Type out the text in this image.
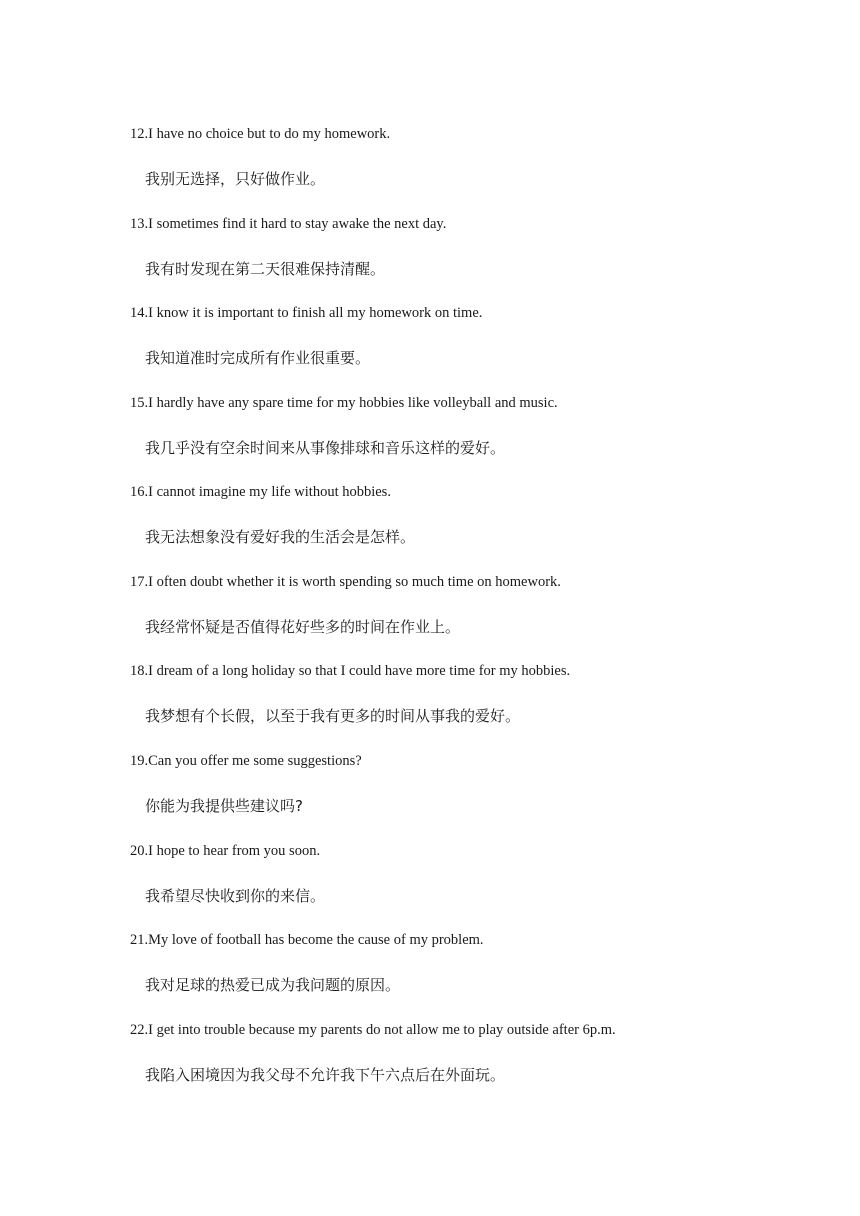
12.I have no choice but to do my homework.
我别无选择，只好做作业。
13.I sometimes find it hard to stay awake the next day.
我有时发现在第二天很难保持清醒。
14.I know it is important to finish all my homework on time.
我知道准时完成所有作业很重要。
15.I hardly have any spare time for my hobbies like volleyball and music.
我几乎没有空余时间来从事像排球和音乐这样的爱好。
16.I cannot imagine my life without hobbies.
我无法想象没有爱好我的生活会是怎样。
17.I often doubt whether it is worth spending so much time on homework.
我经常怀疑是否值得花好些多的时间在作业上。
18.I dream of a long holiday so that I could have more time for my hobbies.
我梦想有个长假，以至于我有更多的时间从事我的爱好。
19.Can you offer me some suggestions?
你能为我提供些建议吗?
20.I hope to hear from you soon.
我希望尽快收到你的来信。
21.My love of football has become the cause of my problem.
我对足球的热爱已成为我问题的原因。
22.I get into trouble because my parents do not allow me to play outside after 6p.m.
我陷入困境因为我父母不允许我下午六点后在外面玩。
